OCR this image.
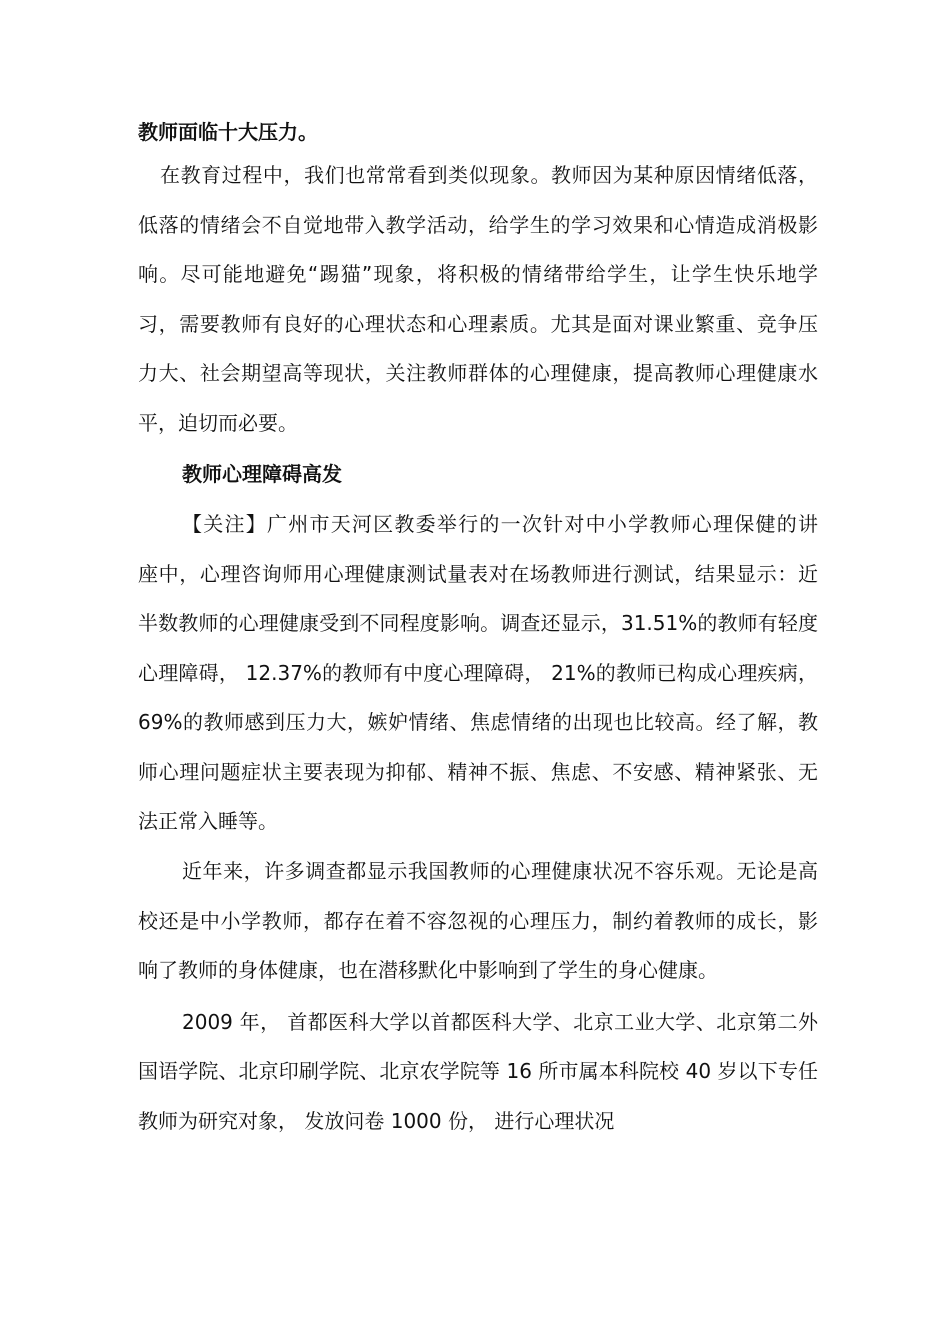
教师面临十大压力。
在教育过程中，我们也常常看到类似现象。教师因为某种原因情绪低落，
低落的情绪会不自觉地带入教学活动，给学生的学习效果和心情造成消极影
响。尽可能地避免“踢猫”现象，将积极的情绪带给学生，让学生快乐地学
习，需要教师有良好的心理状态和心理素质。尤其是面对课业繁重、竞争压
力大、社会期望高等现状，关注教师群体的心理健康，提高教师心理健康水
平，迫切而必要。
教师心理障碍高发
【关注】广州市天河区教委举行的一次针对中小学教师心理保健的讲
座中，心理咨询师用心理健康测试量表对在场教师进行测试，结果显示：近
半数教师的心理健康受到不同程度影响。调查还显示，31.51%的教师有轻度
心理障碍， 12.37%的教师有中度心理障碍， 21%的教师已构成心理疾病，
69%的教师感到压力大，嫉妒情绪、焦虑情绪的出现也比较高。经了解，教
师心理问题症状主要表现为抑郁、精神不振、焦虑、不安感、精神紧张、无
法正常入睡等。
近年来，许多调查都显示我国教师的心理健康状况不容乐观。无论是高
校还是中小学教师，都存在着不容忽视的心理压力，制约着教师的成长，影
响了教师的身体健康，也在潜移默化中影响到了学生的身心健康。
2009 年， 首都医科大学以首都医科大学、北京工业大学、北京第二外
国语学院、北京印刷学院、北京农学院等 16 所市属本科院校 40 岁以下专任
教师为研究对象， 发放问卷 1000 份， 进行心理状况
